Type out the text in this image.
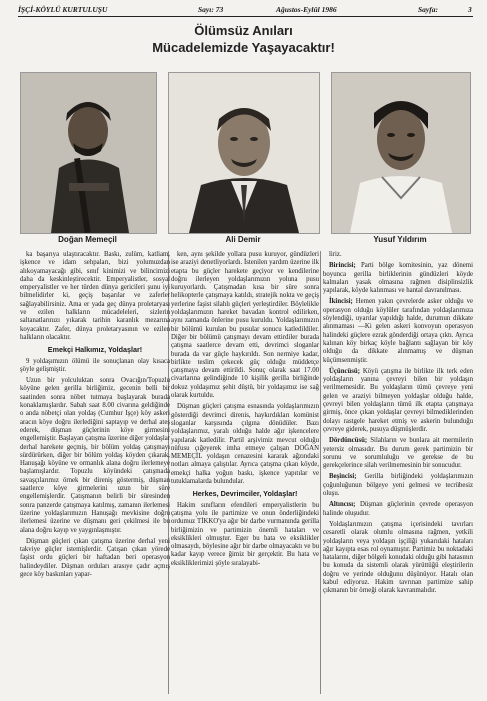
İŞÇİ-KÖYLÜ KURTULUŞU	Sayı: 73	Ağustos-Eylül 1986	Sayfa:	3
Ölümsüz Anıları
Mücadelemizde Yaşayacaktır!
Doğan Memeçil	Ali Demir	Yusuf Yıldırım

ka başarıya ulaştıracaktır. Baskı, zulüm, katliam, işkence ve idam sehpaları, bizi yolumuzdan alıkoyamayacağı gibi, sınıf kinimizi ve bilincimizi daha da keskinleştirecektir. Emperyalistler, sosyal emperyalistler ve her türden dünya gericileri şunu iyi bilmelidirler ki, geçiş başarılar ve zaferler sağlayabilirsiniz. Ama er yada geç dünya proletaryası ve ezilen halkların mücadeleleri, sizlerin saltanatlarınızı yıkarak tarihin karanlık mezarına koyacaktır. Zafer, dünya proletaryasının ve ezilen halkların olacaktır.

Emekçi Halkımız, Yoldaşlar!

9 yoldaşımızın ölümü ile sonuçlanan olay kısaca şöyle gelişmiştir.

Uzun bir yolculuktan sonra Ovacığın/Topuzlu köyüne gelen gerilla birliğimiz, gecenin belli bir saatinden sonra nöbet tutmaya başlayarak burada konaklamışlardır. Sabah saat 8.00 civarına geldiğinde o anda nöbetçi olan yoldaş (Cumhur Işçe) köy askeri aracın köye doğru ilerlediğini saptayıp ve derhal ateş ederek, düşman güçlerinin köye girmesini engellemiştir. Başlayan çatışma üzerine diğer yoldaşlar derhal harekete geçmiş, bir bölüm yoldaş çatışmayı sürdürürken, diğer bir bölüm yoldaş köyden çıkarak, Hanuşağı köyüne ve ormanlık alana doğru ilerlemeye başlamışlardır. Topuzlu köyündeki çatışmada savaşçılarımız örnek bir direniş göstermiş, düşman saatlerce köye girmelerini uzun bir süre engellemişlerdir. Çatışmanın belirli bir süresinden sonra panzerde çatışmaya katılmış, zamanın ilerlemesi üzerine yoldaşlarımızın Hanuşağı mevkisine doğru ilerlemesi üzerine ve düşmanı geri çekilmesi ile bu alana doğru kayıp ve yaygınlaşmıştır.

Düşman güçleri çıkan çatışma üzerine derhal yeni takviye güçler istemişlerdir. Çatışan çıkan yörede faşist ordu güçleri bir haftadan beri operasyon halindeydiler. Düşman orduları arasıye çadır açmış gece köy baskınları yapar-

ken, aynı şekilde yollara pusu kuruyor, gündüzleri ise araziyi denetliyorlardı. İstenilen yardım üzerine ilk etapta bu güçler harekete geçiyor ve kendilerine doğru ilerleyen yoldaşlarımızın yoluna pusu kuruyorlardı. Çatışmadan kısa bir süre sonra helikopterle çatışmaya katıldı, stratejik nokta ve geçiş yerlerine faşist silahlı güçleri yerleştirdiler. Böylelikle yoldaşlarımızın hareket bavadan kontrol edilirken, aynı zamanda önlerine pusu kuruldu. Yoldaşlarımızın bir bölümü kurulan bu pusular sonucu katledildiler. Diğer bir bölümü çatışmayı devam ettirdiler burada çatışma saatlerce devam etti, devrimci sloganlar burada da var güçle haykırıldı. Son nermiye kadar, birlikte teslim çekecek güç olduğu müddetçe çatışmaya devam ettirildi. Sonuç olarak saat 17.00 civarlarına gelindiğinde 10 kişilik gerilla birliğinde dokuz yoldaşımız şehit düştü, bir yoldaşımız ise sağ olarak kurtuldu.

Düşman güçleri çatışma esnasında yoldaşlarımızın gösterdiği devrimci direnis, haykırdıkları komünist sloganlar karşısında çılgına dönüdüler. Bazı yoldaşlarımız, yaralı olduğu halde ağır işkencelere yapılarak katledilir. Partil arşivimiz mevcut olduğu nüfusu çığeyerek imha etmeye çalışan DOĞAN MEMEÇİL yoldaşın cenazesini kararak ağzındaki notları almaya çalıştılar. Ayrıca çatışma çıkan köyde, emekçi halka yoğun baskı, işkence yapıtılar ve tutuklamalarda bulundular.

Herkes, Devrimciler, Yoldaşlar!

Hakim sınıfların efendileri emperyalistlerin bu çatışma yolu ile partimize ve onun önderliğindeki ordumuz TİKKO'ya ağır bir darbe vurmanında gerilla birliğimizin ve partimizin önemli hataları ve eksiklikleri olmuştur. Eger bu hata ve eksiklikler olmasaydı, böylesine ağır bir darbe olmayacaktı ve bu kadar kayıp verece ğimiz bir gerçektir. Bu hata ve eksikliklerimizi şöyle sıralayabi-

liriz.

Birincisi; Parti bölge komitesinin, yaz dönemi boyunca gerilla birliklerinin gündüzleri köyde kalmaları yasak olmasına rağmen disiplinsizlik yapılarak, köyde kalınması ve hantal davranılması.

İkincisi; Hemen yakın çevrelerde asker olduğu ve operasyon olduğu köylüler tarafından yoldaşlarımıza söylendiği, uyarılar yapıldığı halde, durumun dikkate alınmaması —Ki gelen askeri konvoyun operasyon halindeki güçlere ezrak gönderdiği ortaya çıktı. Ayrıca kalınan köy birkaç köyle bağlantı sağlayan bir köy olduğu da dikkate alınmamış ve düşman küçümsenmiştir.

Üçüncüsü; Köyü çatışma ile birlikte ilk terk eden yoldaşların yanına çevreyi bilen bir yoldaşın verilmemesidir. Bu yoldaşların tümü çevreye yeni gelen ve araziyi bilmeyen yoldaşlar olduğu halde, çevreyi bilen yoldaşların tümü ilk etapta çatışmaya girmiş, önce çıkan yoldaşlar çevreyi bilmediklerinden dolayı rastgele hareket etmiş ve askerin bulunduğu çevreye giderek, pusuya düşmüşlerdir.

Dördüncüsü; Silahların ve bunlara ait mermilerin yetersiz olmasıdır. Bu durum gerek partimizin bir sorunu ve sorumluluğu ve gerekse de bu gerekçelerince silah verilmemesinin bir sonucudur.

Beşincisi; Gerilla birliğindeki yoldaşlarımızın çoğunluğunun bölgeye yeni gelmesi ve tecrübesiz oluşu.

Altıncısı; Düşman güçlerinin çevrede operasyon halinde oluşudur.

Yoldaşlarımızın çatışma içerisindeki tavırları cesaretli olarak olumlu olmasına rağmen, yetkili yoldaşların veya yoldaşın işçiliği yukarıdaki hataları ağır kayıpta esas rol oynamıştır. Partimiz bu noktadaki hatalarını, diğer bölgeli konudaki olduğu gibi hatasının bu konuda da sistemli olarak yürüttüğü eleştirilerin doğru ve yerinde olduğunu düşünüyor. Hatalı olan kabul ediyoruz. Hakim tavrınan partimize sahip çıkmanın bir örneği olarak kavranmalıdır.
